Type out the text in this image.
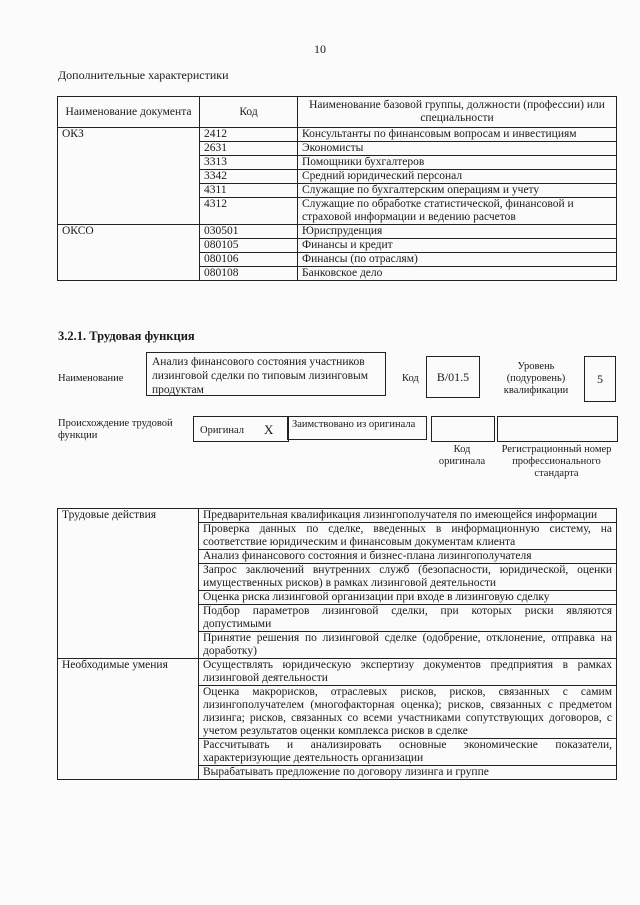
10
Дополнительные характеристики
Наименование документа	Код	Наименование базовой группы, должности (профессии) или специальности
ОКЗ	2412	Консультанты по финансовым вопросам и инвестициям
	2631	Экономисты
	3313	Помощники бухгалтеров
	3342	Средний юридический персонал
	4311	Служащие по бухгалтерским операциям и учету
	4312	Служащие по обработке статистической, финансовой и страховой информации и ведению расчетов
ОКСО	030501	Юриспруденция
	080105	Финансы и кредит
	080106	Финансы (по отраслям)
	080108	Банковское дело
3.2.1. Трудовая функция
Наименование
Анализ финансового состояния участников лизинговой сделки по типовым лизинговым продуктам
Код	B/01.5
Уровень (подуровень) квалификации
5
Происхождение трудовой функции	Оригинал X	Заимствовано из оригинала
Код оригинала
Регистрационный номер профессионального стандарта
Трудовые действия	Предварительная квалификация лизингополучателя по имеющейся информации
	Проверка данных по сделке, введенных в информационную систему, на соответствие юридическим и финансовым документам клиента
	Анализ финансового состояния и бизнес-плана лизингополучателя
	Запрос заключений внутренних служб (безопасности, юридической, оценки имущественных рисков) в рамках лизинговой деятельности
	Оценка риска лизинговой организации при входе в лизинговую сделку
	Подбор параметров лизинговой сделки, при которых риски являются допустимыми
	Принятие решения по лизинговой сделке (одобрение, отклонение, отправка на доработку)
Необходимые умения	Осуществлять юридическую экспертизу документов предприятия в рамках лизинговой деятельности
	Оценка макрорисков, отраслевых рисков, рисков, связанных с самим лизингополучателем (многофакторная оценка); рисков, связанных с предметом лизинга; рисков, связанных со всеми участниками сопутствующих договоров, с учетом результатов оценки комплекса рисков в сделке
	Рассчитывать и анализировать основные экономические показатели, характеризующие деятельность организации
	Вырабатывать предложение по договору лизинга и группе
